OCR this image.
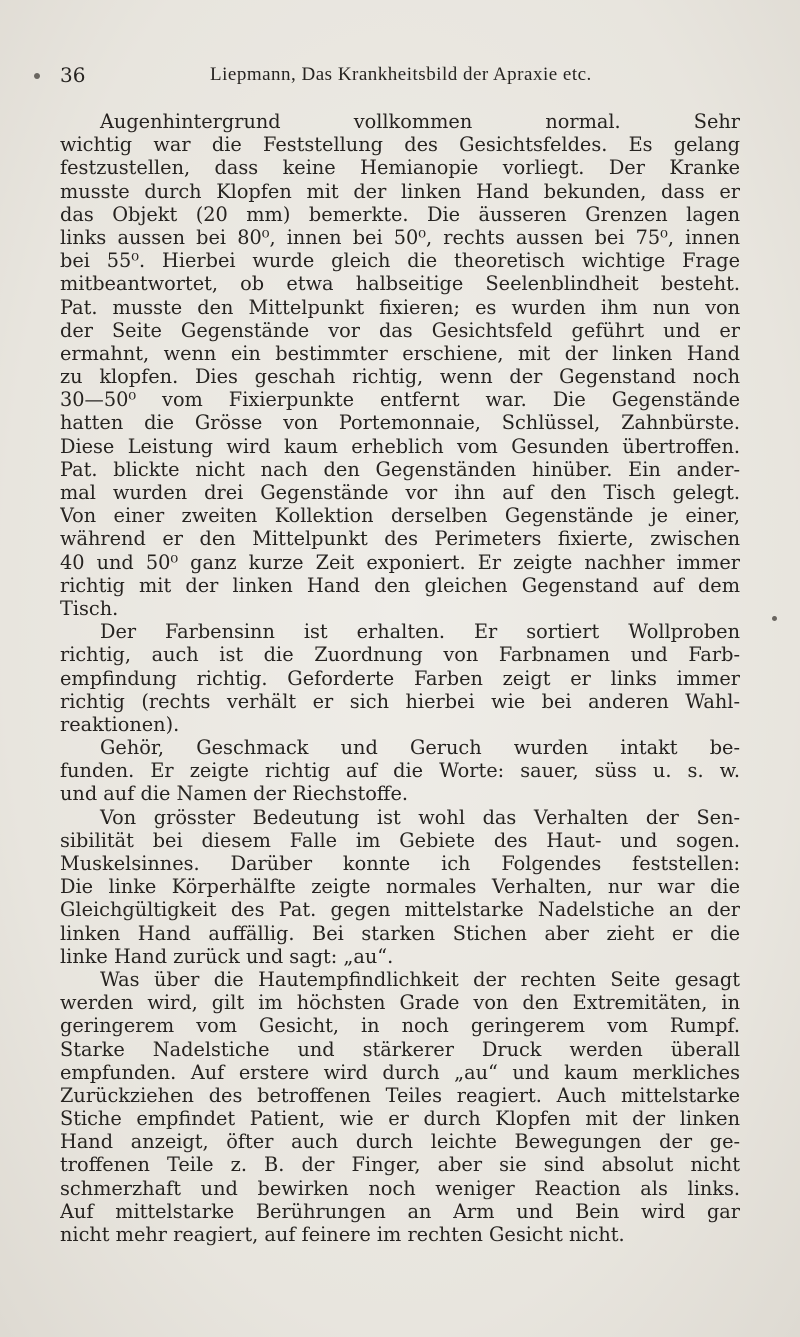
36	Liepmann, Das Krankheitsbild der Apraxie etc.
Augenhintergrund vollkommen normal. Sehr
wichtig war die Feststellung des Gesichtsfeldes. Es gelang
festzustellen, dass keine Hemianopie vorliegt. Der Kranke
musste durch Klopfen mit der linken Hand bekunden, dass er
das Objekt (20 mm) bemerkte. Die äusseren Grenzen lagen
links aussen bei 80⁰, innen bei 50⁰, rechts aussen bei 75⁰, innen
bei 55⁰. Hierbei wurde gleich die theoretisch wichtige Frage
mitbeantwortet, ob etwa halbseitige Seelenblindheit besteht.
Pat. musste den Mittelpunkt fixieren; es wurden ihm nun von
der Seite Gegenstände vor das Gesichtsfeld geführt und er
ermahnt, wenn ein bestimmter erschiene, mit der linken Hand
zu klopfen. Dies geschah richtig, wenn der Gegenstand noch
30—50⁰ vom Fixierpunkte entfernt war. Die Gegenstände
hatten die Grösse von Portemonnaie, Schlüssel, Zahnbürste.
Diese Leistung wird kaum erheblich vom Gesunden übertroffen.
Pat. blickte nicht nach den Gegenständen hinüber. Ein ander-
mal wurden drei Gegenstände vor ihn auf den Tisch gelegt.
Von einer zweiten Kollektion derselben Gegenstände je einer,
während er den Mittelpunkt des Perimeters fixierte, zwischen
40 und 50⁰ ganz kurze Zeit exponiert. Er zeigte nachher immer
richtig mit der linken Hand den gleichen Gegenstand auf dem
Tisch.
Der Farbensinn ist erhalten. Er sortiert Wollproben
richtig, auch ist die Zuordnung von Farbnamen und Farb-
empfindung richtig. Geforderte Farben zeigt er links immer
richtig (rechts verhält er sich hierbei wie bei anderen Wahl-
reaktionen).
Gehör, Geschmack und Geruch wurden intakt be-
funden. Er zeigte richtig auf die Worte: sauer, süss u. s. w.
und auf die Namen der Riechstoffe.
Von grösster Bedeutung ist wohl das Verhalten der Sen-
sibilität bei diesem Falle im Gebiete des Haut- und sogen.
Muskelsinnes. Darüber konnte ich Folgendes feststellen:
Die linke Körperhälfte zeigte normales Verhalten, nur war die
Gleichgültigkeit des Pat. gegen mittelstarke Nadelstiche an der
linken Hand auffällig. Bei starken Stichen aber zieht er die
linke Hand zurück und sagt: „au“.
Was über die Hautempfindlichkeit der rechten Seite gesagt
werden wird, gilt im höchsten Grade von den Extremitäten, in
geringerem vom Gesicht, in noch geringerem vom Rumpf.
Starke Nadelstiche und stärkerer Druck werden überall
empfunden. Auf erstere wird durch „au“ und kaum merkliches
Zurückziehen des betroffenen Teiles reagiert. Auch mittelstarke
Stiche empfindet Patient, wie er durch Klopfen mit der linken
Hand anzeigt, öfter auch durch leichte Bewegungen der ge-
troffenen Teile z. B. der Finger, aber sie sind absolut nicht
schmerzhaft und bewirken noch weniger Reaction als links.
Auf mittelstarke Berührungen an Arm und Bein wird gar
nicht mehr reagiert, auf feinere im rechten Gesicht nicht.
